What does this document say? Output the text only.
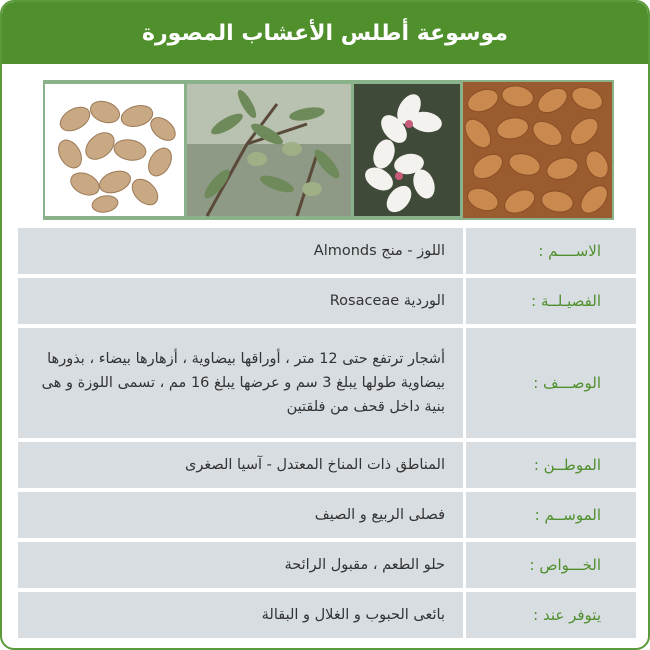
موسوعة أطلس الأعشاب المصورة
الاســــم :
اللوز - منج Almonds
الفصيـلــة :
الوردية Rosaceae
الوصـــف :
أشجار ترتفع حتى 12 متر ، أوراقها بيضاوية ، أزهارها بيضاء ، بذورها بيضاوية طولها يبلغ 3 سم و عرضها يبلغ 16 مم ، تسمى اللوزة و هى بنية داخل قحف من فلقتين
الموطــن :
المناطق ذات المناخ المعتدل - آسيا الصغرى
الموســم :
فصلى الربيع و الصيف
الخـــواص :
حلو الطعم ، مقبول الرائحة
يتوفر عند :
بائعى الحبوب و الغلال و البقالة
